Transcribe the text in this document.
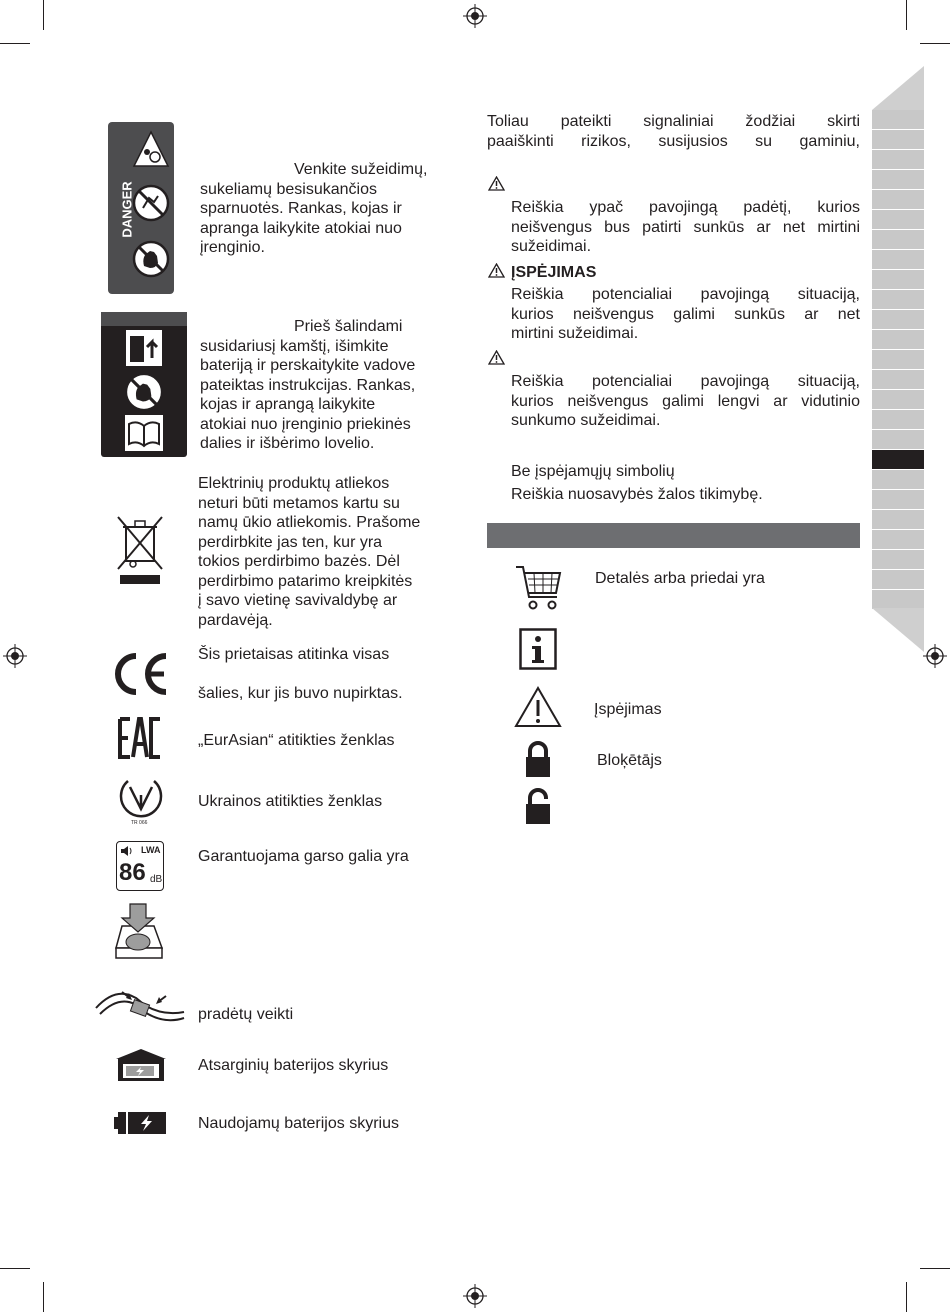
DANGER
Venkite sužeidimų,
sukeliamų besisukančios
sparnuotės. Rankas, kojas ir
apranga laikykite atokiai nuo
įrenginio.
Prieš šalindami
susidariusį kamštį, išimkite
bateriją ir perskaitykite vadove
pateiktas instrukcijas. Rankas,
kojas ir aprangą laikykite
atokiai nuo įrenginio priekinės
dalies ir išbėrimo lovelio.
Elektrinių produktų atliekos
neturi būti metamos kartu su
namų ūkio atliekomis. Prašome
perdirbkite jas ten, kur yra
tokios perdirbimo bazės. Dėl
perdirbimo patarimo kreipkitės
į savo vietinę savivaldybę ar
pardavėją.
Šis prietaisas atitinka visas
šalies, kur jis buvo nupirktas.
„EurAsian“ atitikties ženklas
TR 066
Ukrainos atitikties ženklas
LWA
86 dB
Garantuojama garso galia yra
pradėtų veikti
Atsarginių baterijos skyrius
Naudojamų baterijos skyrius
Toliau pateikti signaliniai žodžiai skirti
paaiškinti rizikos, susijusios su gaminiu,
Reiškia ypač pavojingą padėtį, kurios
neišvengus bus patirti sunkūs ar net mirtini
sužeidimai.
ĮSPĖJIMAS
Reiškia potencialiai pavojingą situaciją,
kurios neišvengus galimi sunkūs ar net
mirtini sužeidimai.
Reiškia potencialiai pavojingą situaciją,
kurios neišvengus galimi lengvi ar vidutinio
sunkumo sužeidimai.
Be įspėjamųjų simbolių
Reiškia nuosavybės žalos tikimybę.
Detalės arba priedai yra
Įspėjimas
Bloķētājs
